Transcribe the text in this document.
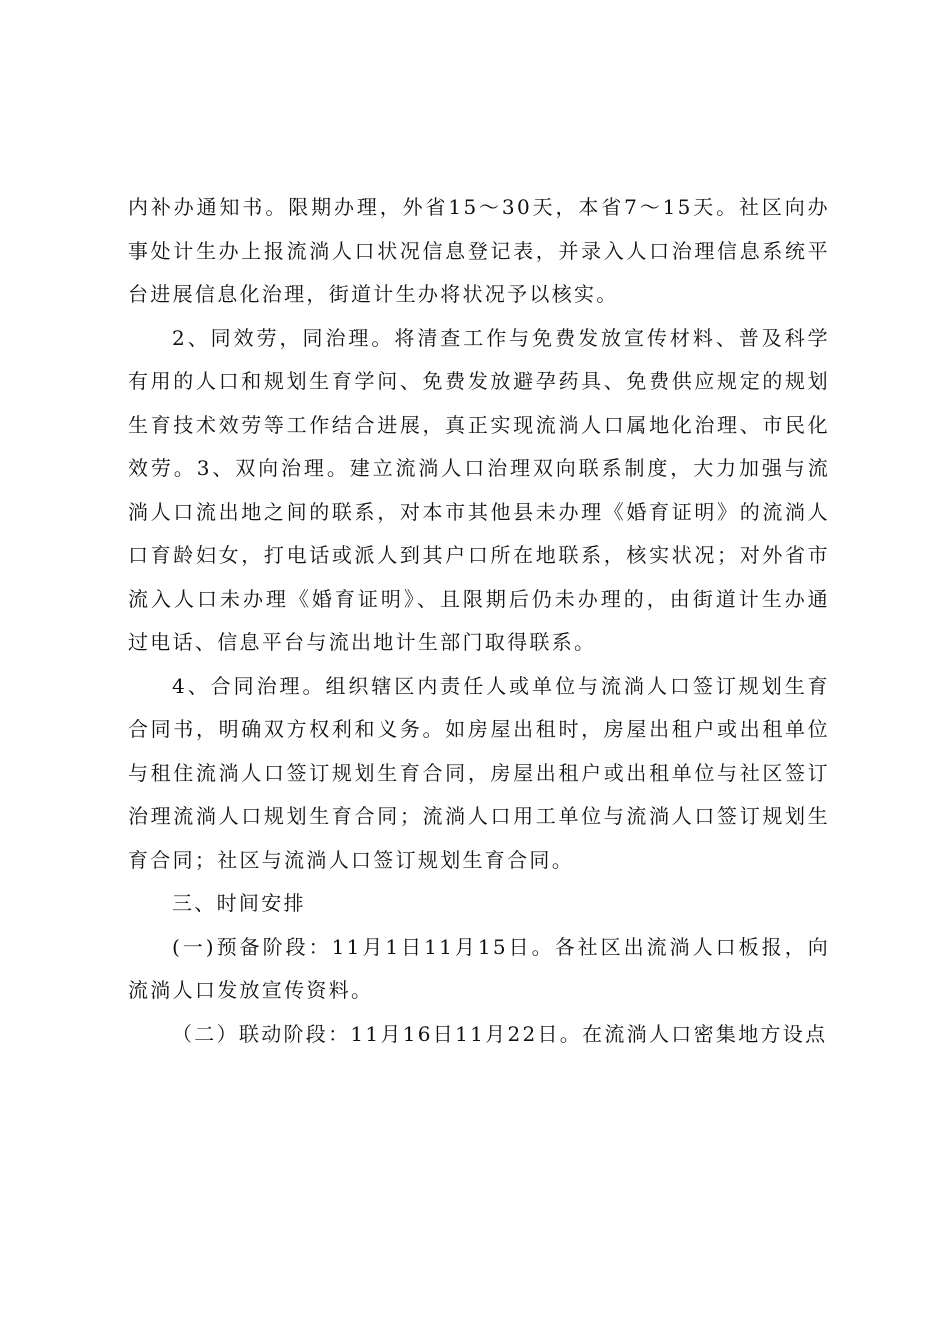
内补办通知书。限期办理，外省15～30天，本省7～15天。社区向办事处计生办上报流淌人口状况信息登记表，并录入人口治理信息系统平台进展信息化治理，街道计生办将状况予以核实。

2、同效劳，同治理。将清查工作与免费发放宣传材料、普及科学有用的人口和规划生育学问、免费发放避孕药具、免费供应规定的规划生育技术效劳等工作结合进展，真正实现流淌人口属地化治理、市民化效劳。3、双向治理。建立流淌人口治理双向联系制度，大力加强与流淌人口流出地之间的联系，对本市其他县未办理《婚育证明》的流淌人口育龄妇女，打电话或派人到其户口所在地联系，核实状况；对外省市流入人口未办理《婚育证明》、且限期后仍未办理的，由街道计生办通过电话、信息平台与流出地计生部门取得联系。

4、合同治理。组织辖区内责任人或单位与流淌人口签订规划生育合同书，明确双方权利和义务。如房屋出租时，房屋出租户或出租单位与租住流淌人口签订规划生育合同，房屋出租户或出租单位与社区签订治理流淌人口规划生育合同；流淌人口用工单位与流淌人口签订规划生育合同；社区与流淌人口签订规划生育合同。

三、时间安排

(一)预备阶段：11月1日11月15日。各社区出流淌人口板报，向流淌人口发放宣传资料。

（二）联动阶段：11月16日11月22日。在流淌人口密集地方设点
